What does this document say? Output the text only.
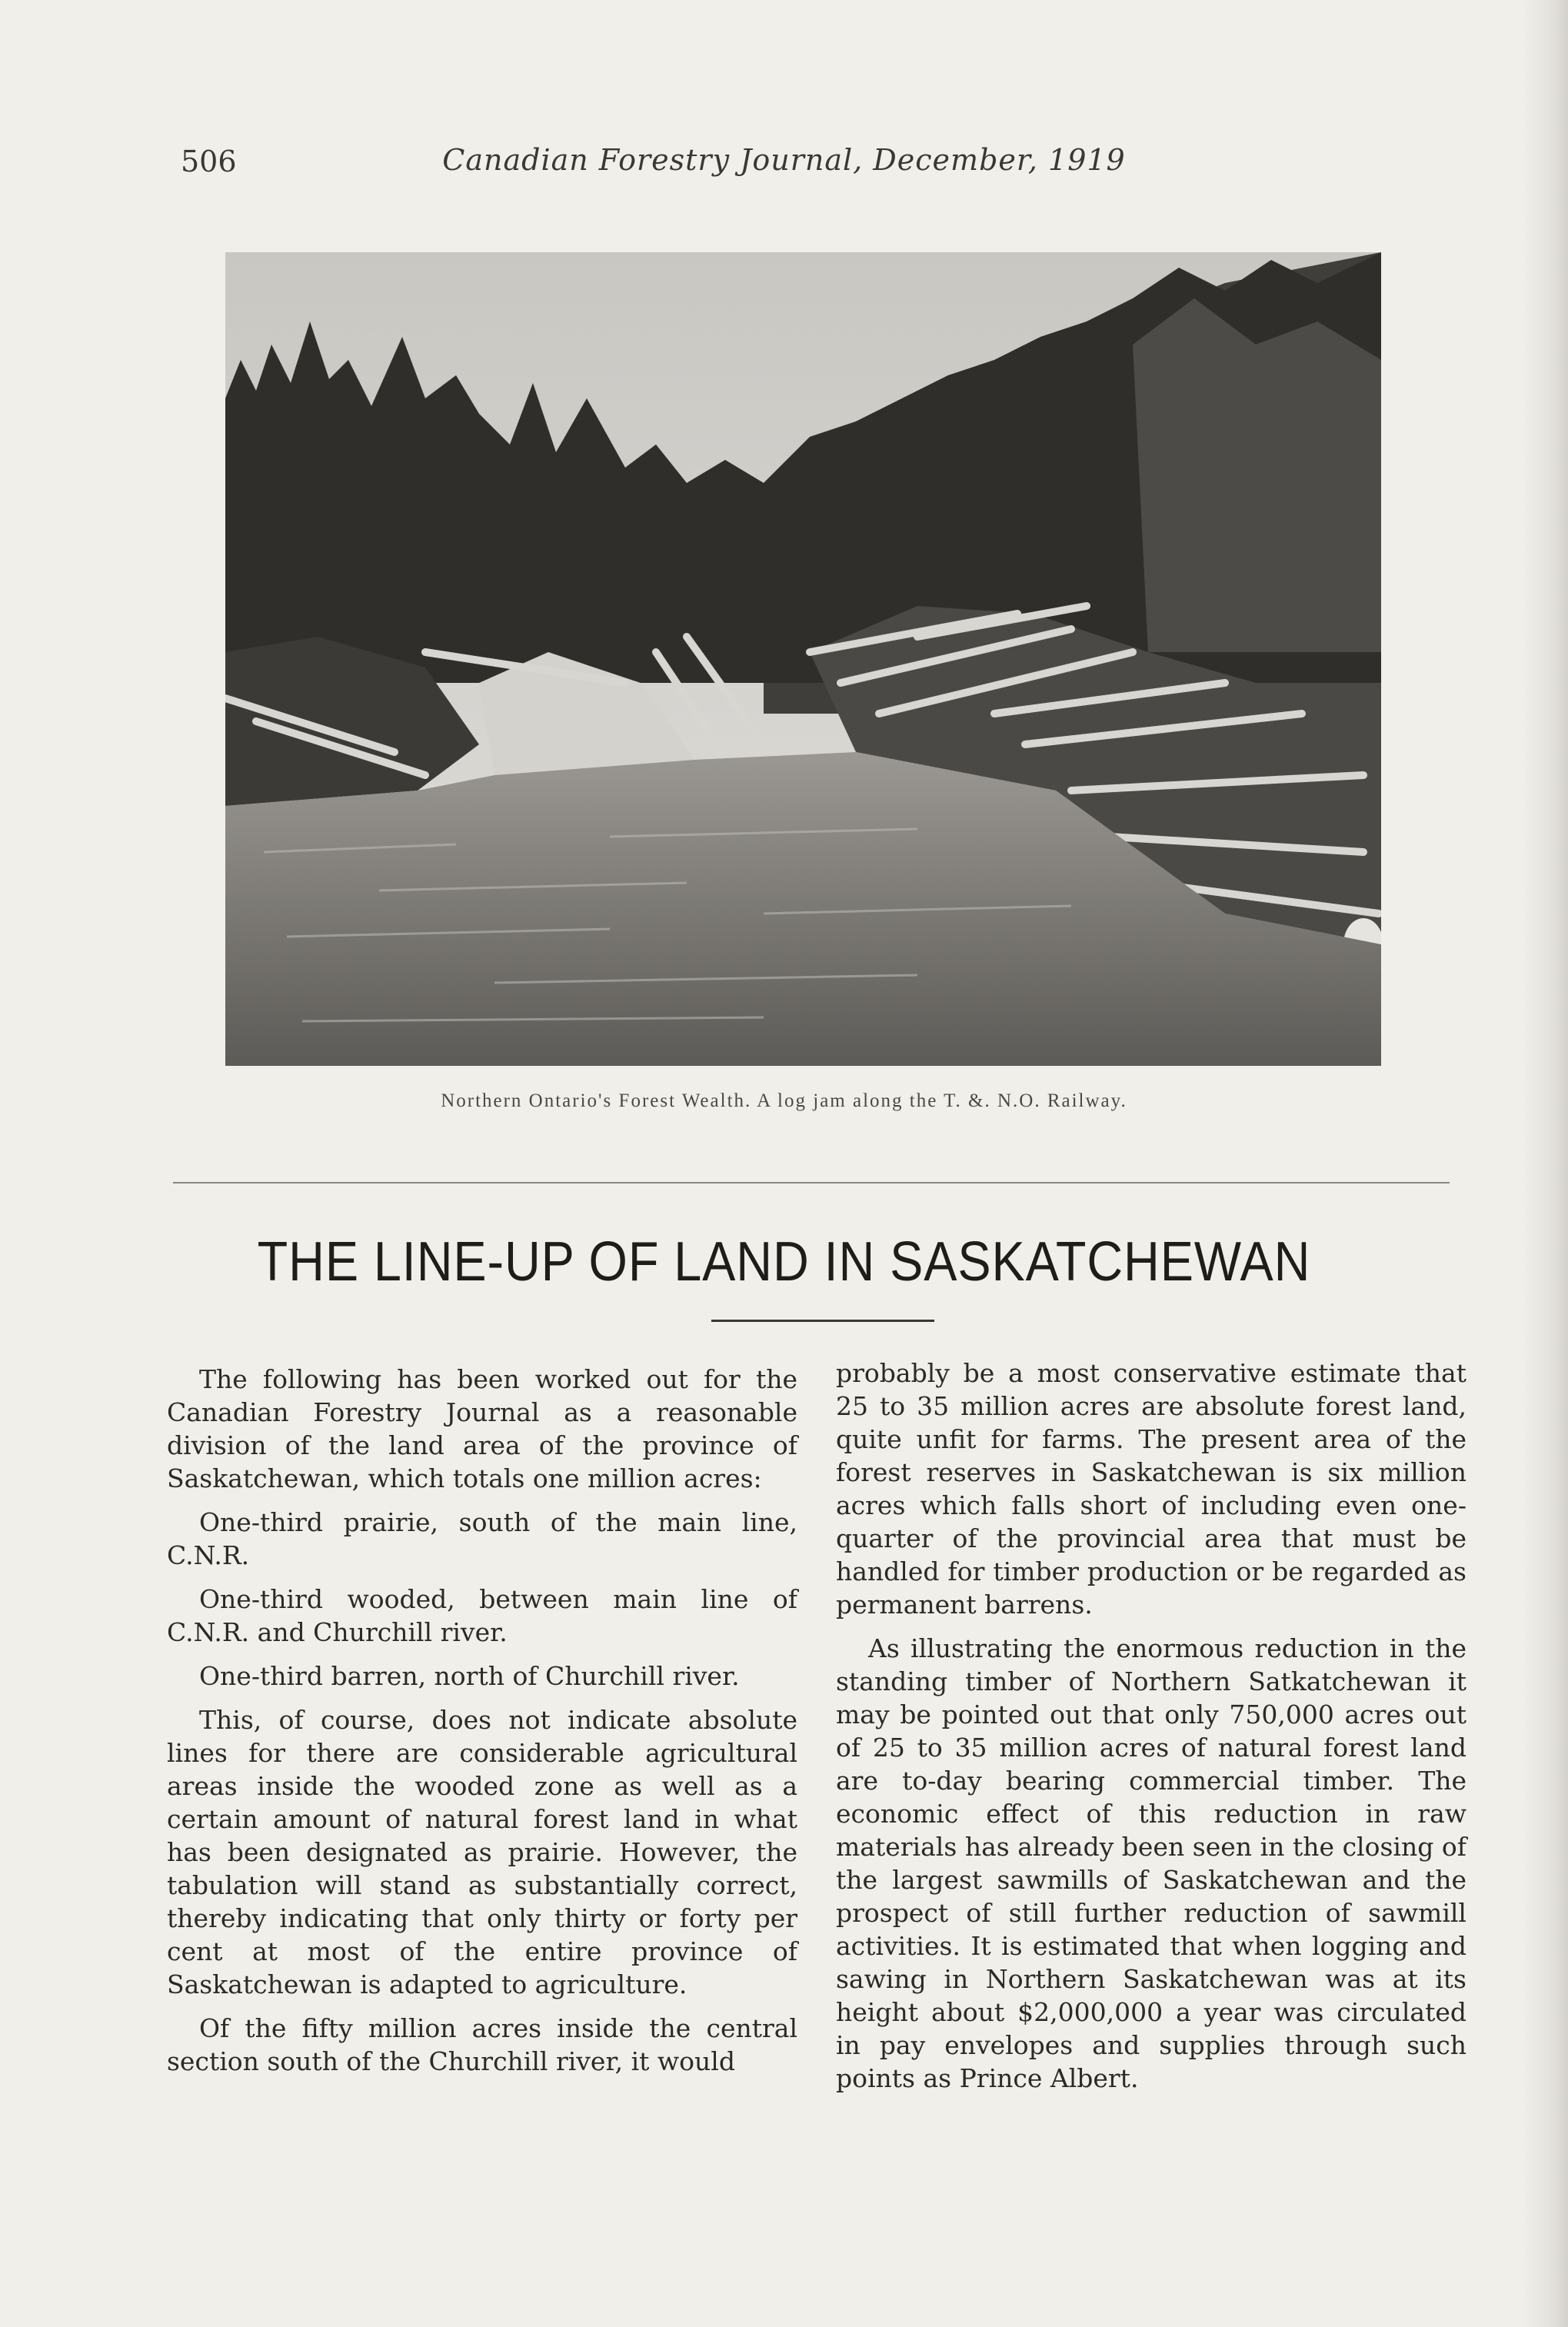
506	Canadian Forestry Journal, December, 1919
Northern Ontario's Forest Wealth. A log jam along the T. &. N.O. Railway.
THE LINE-UP OF LAND IN SASKATCHEWAN

The following has been worked out for the Canadian Forestry Journal as a reasonable division of the land area of the province of Saskatchewan, which totals one million acres:

One-third prairie, south of the main line, C.N.R.

One-third wooded, between main line of C.N.R. and Churchill river.

One-third barren, north of Churchill river.

This, of course, does not indicate absolute lines for there are considerable agricultural areas inside the wooded zone as well as a certain amount of natural forest land in what has been designated as prairie. However, the tabulation will stand as substantially correct, thereby indicating that only thirty or forty per cent at most of the entire province of Saskatchewan is adapted to agriculture.

Of the fifty million acres inside the central section south of the Churchill river, it would

probably be a most conservative estimate that 25 to 35 million acres are absolute forest land, quite unfit for farms. The present area of the forest reserves in Saskatchewan is six million acres which falls short of including even one-quarter of the provincial area that must be handled for timber production or be regarded as permanent barrens.

As illustrating the enormous reduction in the standing timber of Northern Satkatchewan it may be pointed out that only 750,000 acres out of 25 to 35 million acres of natural forest land are to-day bearing commercial timber. The economic effect of this reduction in raw materials has already been seen in the closing of the largest sawmills of Saskatchewan and the prospect of still further reduction of sawmill activities. It is estimated that when logging and sawing in Northern Saskatchewan was at its height about $2,000,000 a year was circulated in pay envelopes and supplies through such points as Prince Albert.
